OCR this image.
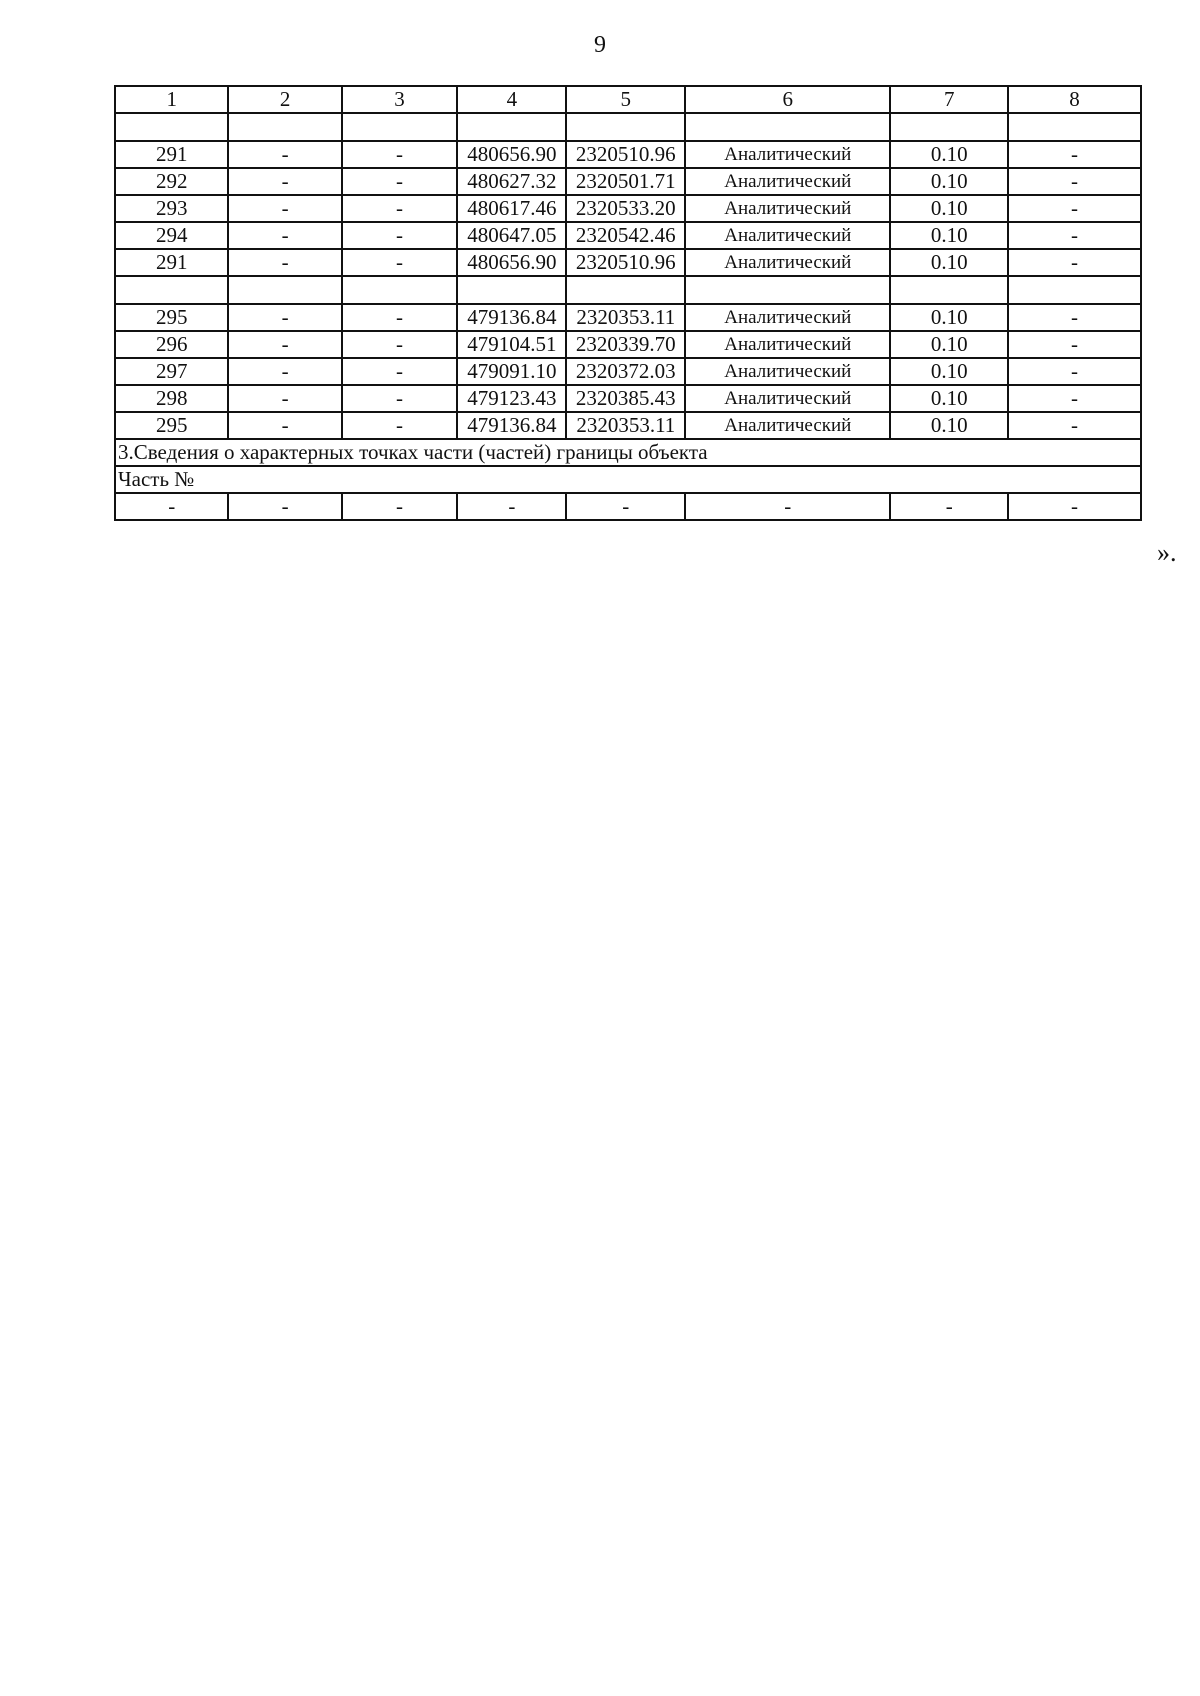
9
1	2	3	4	5	6	7	8

291	-	-	480656.90	2320510.96	Аналитический	0.10	-
292	-	-	480627.32	2320501.71	Аналитический	0.10	-
293	-	-	480617.46	2320533.20	Аналитический	0.10	-
294	-	-	480647.05	2320542.46	Аналитический	0.10	-
291	-	-	480656.90	2320510.96	Аналитический	0.10	-

295	-	-	479136.84	2320353.11	Аналитический	0.10	-
296	-	-	479104.51	2320339.70	Аналитический	0.10	-
297	-	-	479091.10	2320372.03	Аналитический	0.10	-
298	-	-	479123.43	2320385.43	Аналитический	0.10	-
295	-	-	479136.84	2320353.11	Аналитический	0.10	-
3.Сведения о характерных точках части (частей) границы объекта							
Часть №							
-	-	-	-	-	-	-	-
».
